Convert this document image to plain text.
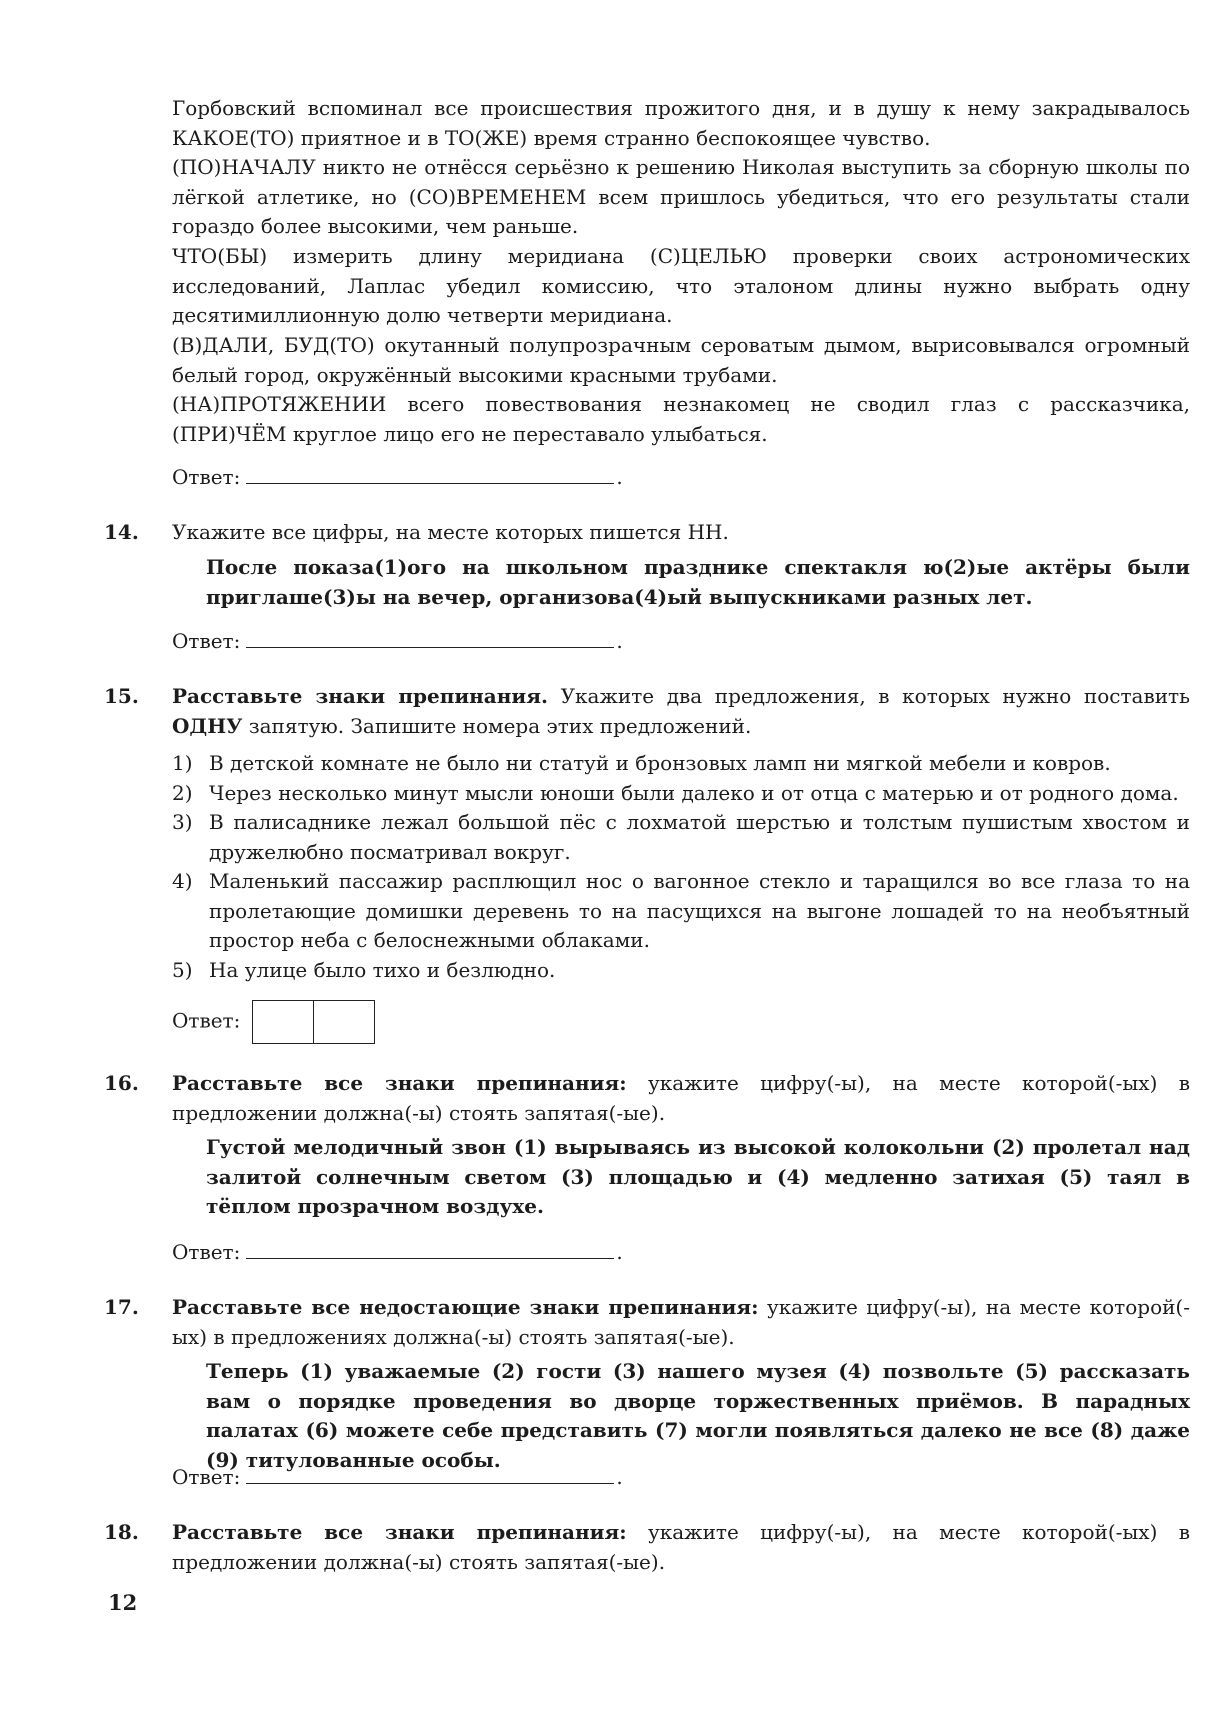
Горбовский вспоминал все происшествия прожитого дня, и в душу к нему закрадывалось КАКОЕ(ТО) приятное и в ТО(ЖЕ) время странно беспокоящее чувство.
(ПО)НАЧАЛУ никто не отнёсся серьёзно к решению Николая выступить за сборную школы по лёгкой атлетике, но (СО)ВРЕМЕНЕМ всем пришлось убедиться, что его результаты стали гораздо более высокими, чем раньше.
ЧТО(БЫ) измерить длину меридиана (С)ЦЕЛЬЮ проверки своих астрономических исследований, Лаплас убедил комиссию, что эталоном длины нужно выбрать одну десятимиллионную долю четверти меридиана.
(В)ДАЛИ, БУД(ТО) окутанный полупрозрачным сероватым дымом, вырисовывался огромный белый город, окружённый высокими красными трубами.
(НА)ПРОТЯЖЕНИИ всего повествования незнакомец не сводил глаз с рассказчика, (ПРИ)ЧЁМ круглое лицо его не переставало улыбаться.
Ответ:	.
14. Укажите все цифры, на месте которых пишется НН.
После показа(1)ого на школьном празднике спектакля ю(2)ые актёры были приглаше(3)ы на вечер, организова(4)ый выпускниками разных лет.
Ответ:	.
15. Расставьте знаки препинания. Укажите два предложения, в которых нужно поставить ОДНУ запятую. Запишите номера этих предложений.
1) В детской комнате не было ни статуй и бронзовых ламп ни мягкой мебели и ковров.
2) Через несколько минут мысли юноши были далеко и от отца с матерью и от родного дома.
3) В палисаднике лежал большой пёс с лохматой шерстью и толстым пушистым хвостом и дружелюбно посматривал вокруг.
4) Маленький пассажир расплющил нос о вагонное стекло и таращился во все глаза то на пролетающие домишки деревень то на пасущихся на выгоне лошадей то на необъятный простор неба с белоснежными облаками.
5) На улице было тихо и безлюдно.
Ответ:
16. Расставьте все знаки препинания: укажите цифру(-ы), на месте которой(-ых) в предложении должна(-ы) стоять запятая(-ые).
Густой мелодичный звон (1) вырываясь из высокой колокольни (2) пролетал над залитой солнечным светом (3) площадью и (4) медленно затихая (5) таял в тёплом прозрачном воздухе.
Ответ:	.
17. Расставьте все недостающие знаки препинания: укажите цифру(-ы), на месте которой(-ых) в предложениях должна(-ы) стоять запятая(-ые).
Теперь (1) уважаемые (2) гости (3) нашего музея (4) позвольте (5) рассказать вам о порядке проведения во дворце торжественных приёмов. В парадных палатах (6) можете себе представить (7) могли появляться далеко не все (8) даже (9) титулованные особы.
Ответ:	.
18. Расставьте все знаки препинания: укажите цифру(-ы), на месте которой(-ых) в предложении должна(-ы) стоять запятая(-ые).
12
